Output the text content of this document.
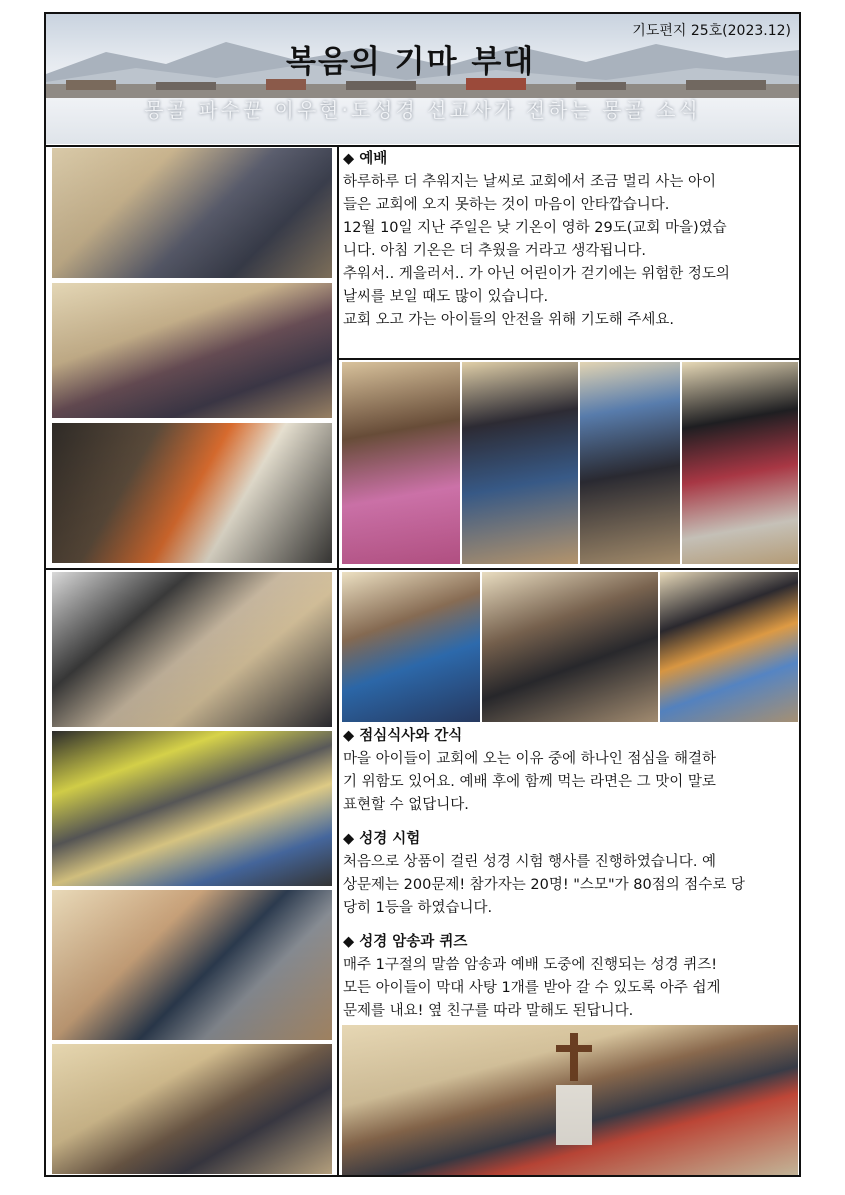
복음의 기마 부대
기도편지 25호(2023.12)
몽골 파수꾼 이우현·도성경 선교사가 전하는 몽골 소식

◆ 예배

하루하루 더 추워지는 날씨로 교회에서 조금 멀리 사는 아이

들은 교회에 오지 못하는 것이 마음이 안타깝습니다.

12월 10일 지난 주일은 낮 기온이 영하 29도(교회 마을)였습

니다. 아침 기온은 더 추웠을 거라고 생각됩니다.

추워서.. 게을러서.. 가 아닌 어린이가 걷기에는 위험한 정도의

날씨를 보일 때도 많이 있습니다.

교회 오고 가는 아이들의 안전을 위해 기도해 주세요.

◆ 점심식사와 간식

마을 아이들이 교회에 오는 이유 중에 하나인 점심을 해결하

기 위함도 있어요. 예배 후에 함께 먹는 라면은 그 맛이 말로

표현할 수 없답니다.

◆ 성경 시험

처음으로 상품이 걸린 성경 시험 행사를 진행하였습니다. 예

상문제는 200문제! 참가자는 20명! "스모"가 80점의 점수로 당

당히 1등을 하였습니다.

◆ 성경 암송과 퀴즈

매주 1구절의 말씀 암송과 예배 도중에 진행되는 성경 퀴즈!

모든 아이들이 막대 사탕 1개를 받아 갈 수 있도록 아주 쉽게

문제를 내요! 옆 친구를 따라 말해도 된답니다.
